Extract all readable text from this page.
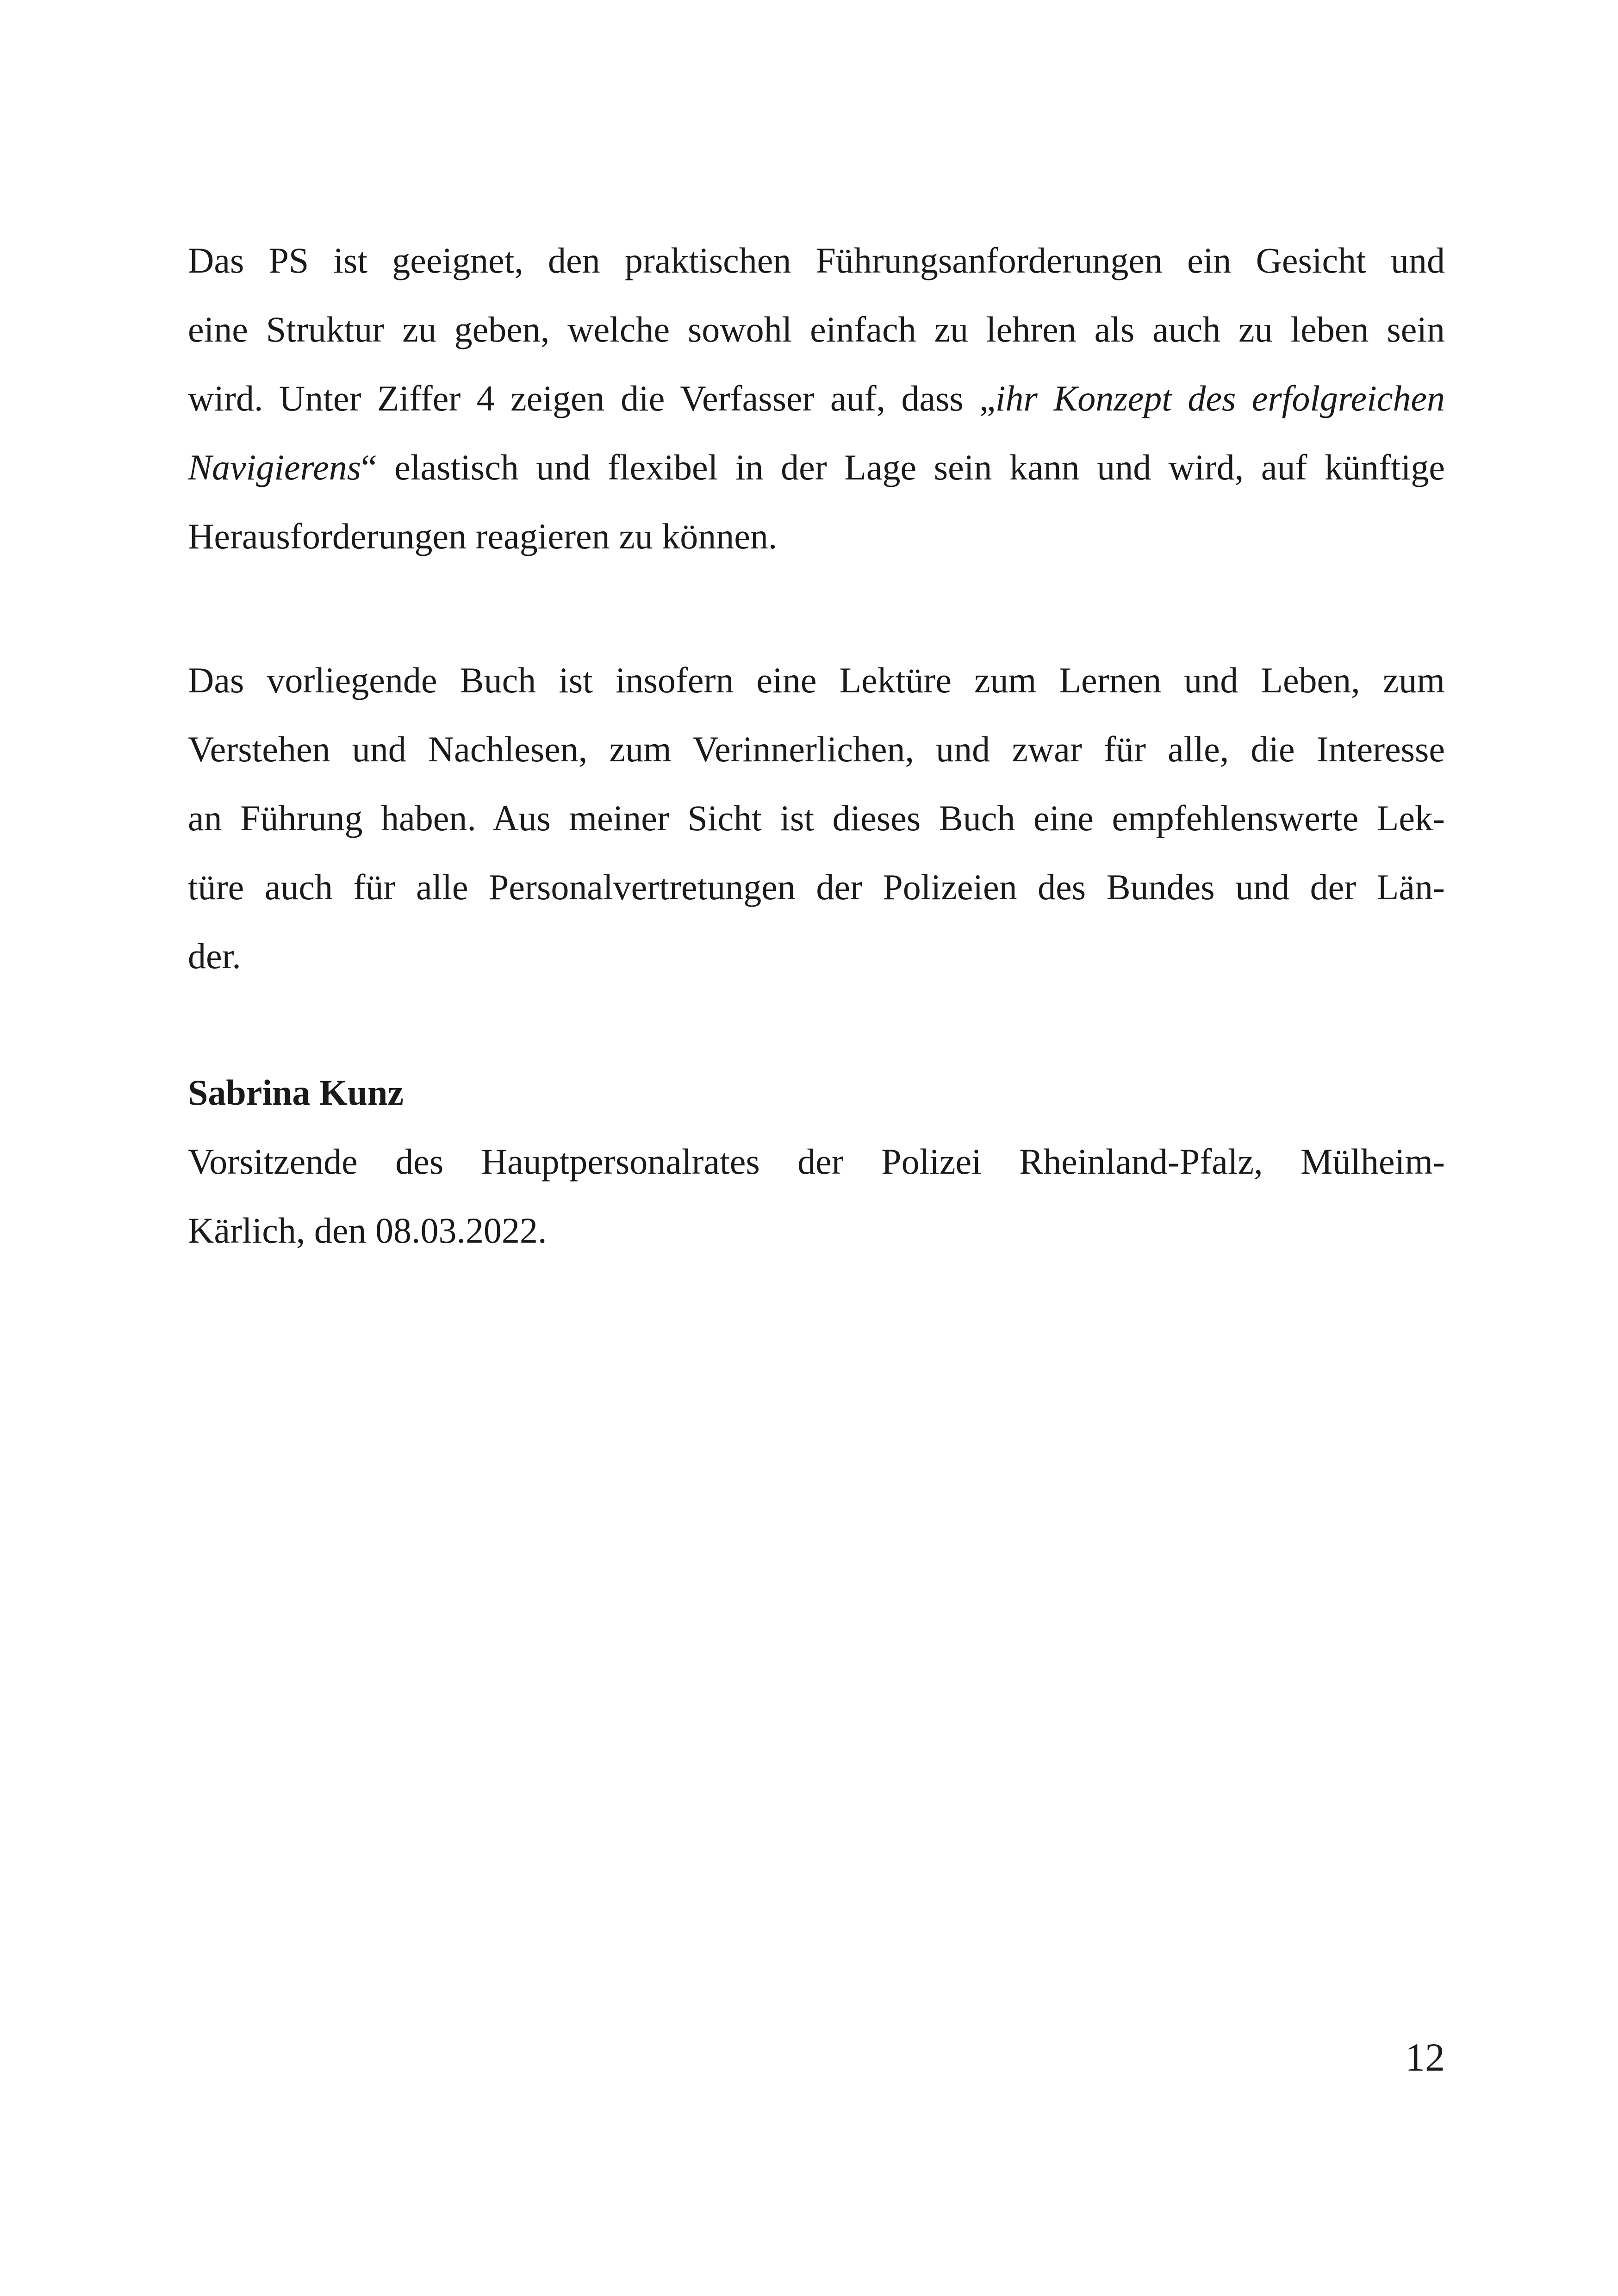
Das PS ist geeignet, den praktischen Führungsanforderungen ein Gesicht und
eine Struktur zu geben, welche sowohl einfach zu lehren als auch zu leben sein
wird. Unter Ziffer 4 zeigen die Verfasser auf, dass „ihr Konzept des erfolgreichen
Navigierens“ elastisch und flexibel in der Lage sein kann und wird, auf künftige
Herausforderungen reagieren zu können.

Das vorliegende Buch ist insofern eine Lektüre zum Lernen und Leben, zum
Verstehen und Nachlesen, zum Verinnerlichen, und zwar für alle, die Interesse
an Führung haben. Aus meiner Sicht ist dieses Buch eine empfehlenswerte Lek-
türe auch für alle Personalvertretungen der Polizeien des Bundes und der Län-
der.

Sabrina Kunz
Vorsitzende des Hauptpersonalrates der Polizei Rheinland-Pfalz, Mülheim-
Kärlich, den 08.03.2022.
12
